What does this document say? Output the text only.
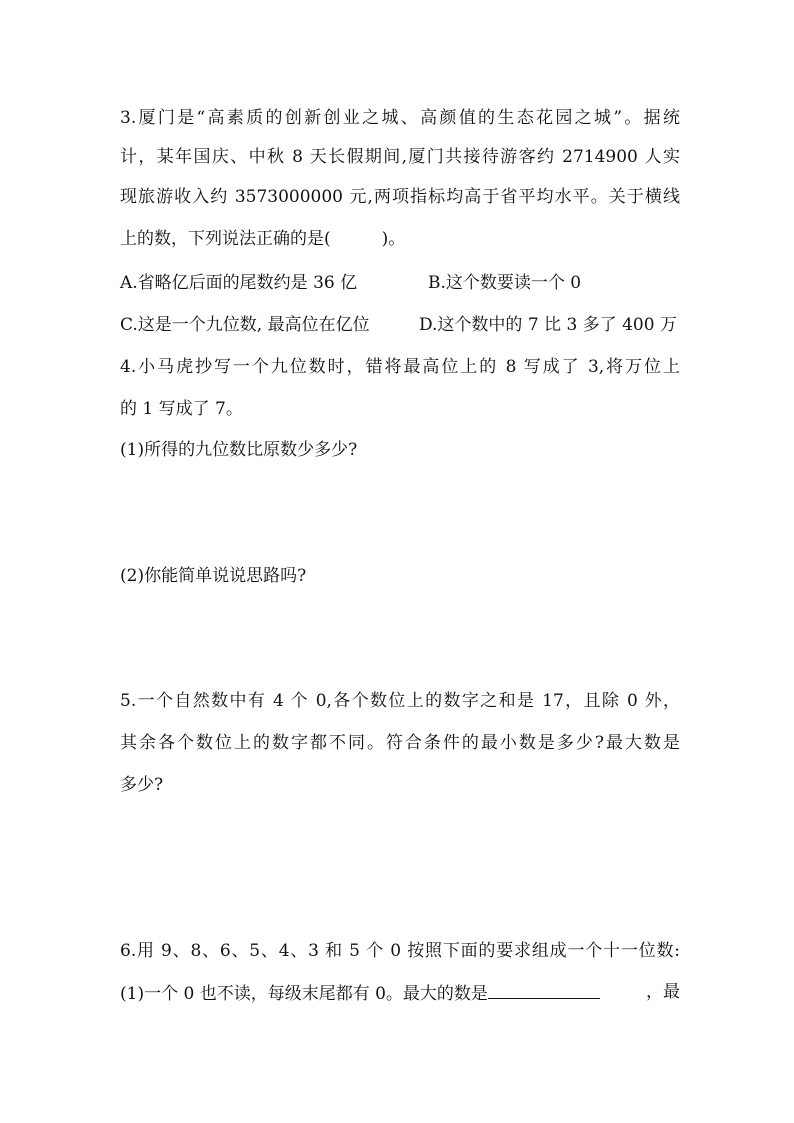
3.厦门是“高素质的创新创业之城、高颜值的生态花园之城”。据统
计，某年国庆、中秋 8 天长假期间,厦门共接待游客约 2714900 人实
现旅游收入约 3573000000 元,两项指标均高于省平均水平。关于横线
上的数，下列说法正确的是(　　　)。
A.省略亿后面的尾数约是 36 亿	B.这个数要读一个 0
C.这是一个九位数, 最高位在亿位	D.这个数中的 7 比 3 多了 400 万
4.小马虎抄写一个九位数时，错将最高位上的 8 写成了 3,将万位上
的 1 写成了 7。
(1)所得的九位数比原数少多少?
(2)你能简单说说思路吗?
5.一个自然数中有 4 个 0,各个数位上的数字之和是 17，且除 0 外，
其余各个数位上的数字都不同。符合条件的最小数是多少?最大数是
多少?
6.用 9、8、6、5、4、3 和 5 个 0 按照下面的要求组成一个十一位数:
(1)一个 0 也不读，每级末尾都有 0。最大的数是	，最
